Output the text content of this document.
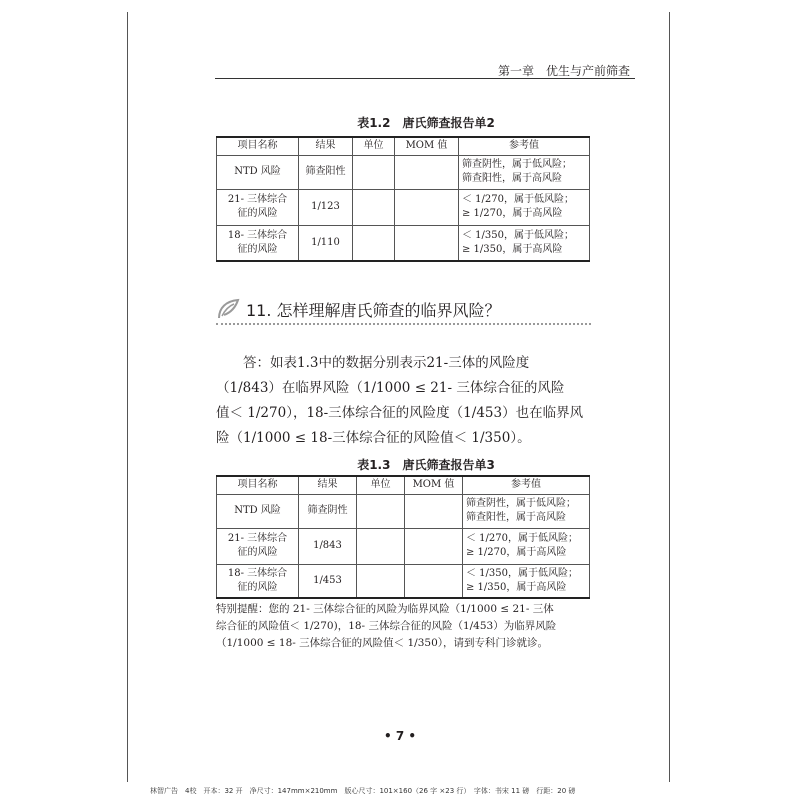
第一章　优生与产前筛查
表1.2　唐氏筛查报告单2
项目名称	结果	单位	MOM 值	参考值
NTD 风险	筛查阳性			筛查阴性，属于低风险；
筛查阳性，属于高风险
21- 三体综合
征的风险	1/123			＜ 1/270，属于低风险；
≥ 1/270，属于高风险
18- 三体综合
征的风险	1/110			＜ 1/350，属于低风险；
≥ 1/350，属于高风险
11. 怎样理解唐氏筛查的临界风险？
　　答：如表1.3中的数据分别表示21-三体的风险度
（1/843）在临界风险（1/1000 ≤ 21- 三体综合征的风险
值＜ 1/270），18-三体综合征的风险度（1/453）也在临界风
险（1/1000 ≤ 18-三体综合征的风险值＜ 1/350）。
表1.3　唐氏筛查报告单3
项目名称	结果	单位	MOM 值	参考值
NTD 风险	筛查阴性			筛查阴性，属于低风险；
筛查阳性，属于高风险
21- 三体综合
征的风险	1/843			＜ 1/270，属于低风险；
≥ 1/270，属于高风险
18- 三体综合
征的风险	1/453			＜ 1/350，属于低风险；
≥ 1/350，属于高风险
特别提醒：您的 21- 三体综合征的风险为临界风险（1/1000 ≤ 21- 三体
综合征的风险值＜ 1/270)，18- 三体综合征的风险（1/453）为临界风险
（1/1000 ≤ 18- 三体综合征的风险值＜ 1/350），请到专科门诊就诊。
• 7 •
林智广告　4校　开本：32 开　净尺寸：147mm×210mm　版心尺寸：101×160（26 字 ×23 行）　字体：书宋 11 磅　行距：20 磅
